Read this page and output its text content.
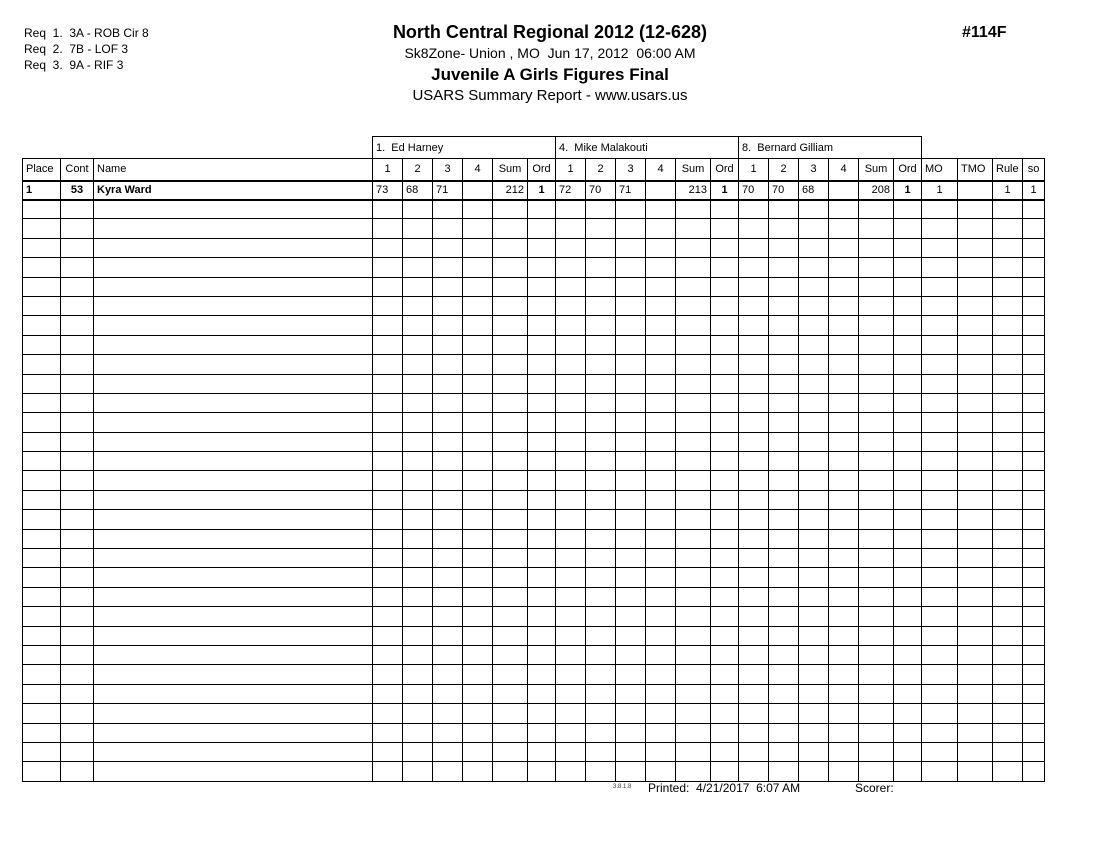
Req  1.  3A - ROB Cir 8
Req  2.  7B - LOF 3
Req  3.  9A - RIF 3
North Central Regional 2012 (12-628)
Sk8Zone- Union , MO  Jun 17, 2012  06:00 AM
Juvenile A Girls Figures Final
USARS Summary Report - www.usars.us
#114F
			1.  Ed Harney						4.  Mike Malakouti						8.  Bernard Gilliam									
Place	Cont	Name	1	2	3	4	Sum	Ord	1	2	3	4	Sum	Ord	1	2	3	4	Sum	Ord	MO	TMO	Rule	so
1	53	Kyra Ward	73	68	71		212	1	72	70	71		213	1	70	70	68		208	1	1		1	1

3.8.1.8 Printed: 4/21/2017  6:07 AM	Scorer:
